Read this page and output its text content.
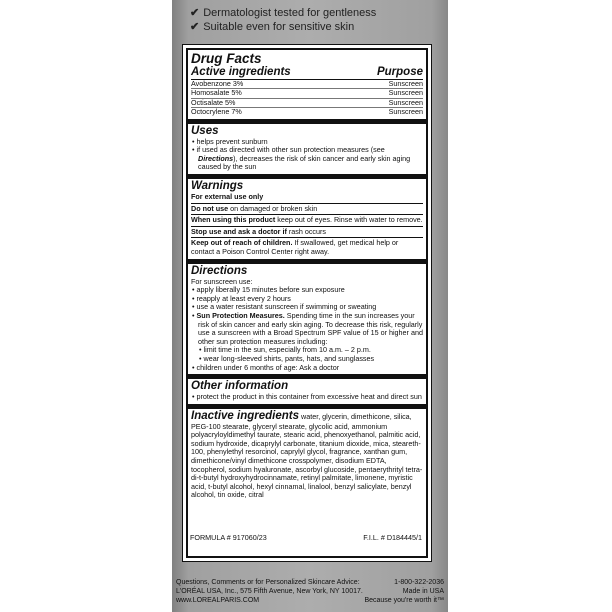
✔ Dermatologist tested for gentleness
✔ Suitable even for sensitive skin
Drug Facts
Active ingredients	Purpose
Avobenzone 3%	Sunscreen
Homosalate 5%	Sunscreen
Octisalate 5%	Sunscreen
Octocrylene 7%	Sunscreen
Uses
• helps prevent sunburn
• if used as directed with other sun protection measures (see Directions), decreases the risk of skin cancer and early skin aging caused by the sun
Warnings
For external use only
Do not use on damaged or broken skin
When using this product keep out of eyes. Rinse with water to remove.
Stop use and ask a doctor if rash occurs
Keep out of reach of children. If swallowed, get medical help or contact a Poison Control Center right away.
Directions
For sunscreen use:
• apply liberally 15 minutes before sun exposure
• reapply at least every 2 hours
• use a water resistant sunscreen if swimming or sweating
• Sun Protection Measures. Spending time in the sun increases your risk of skin cancer and early skin aging. To decrease this risk, regularly use a sunscreen with a Broad Spectrum SPF value of 15 or higher and other sun protection measures including:
• limit time in the sun, especially from 10 a.m. – 2 p.m.
• wear long-sleeved shirts, pants, hats, and sunglasses
• children under 6 months of age: Ask a doctor
Other information
• protect the product in this container from excessive heat and direct sun
Inactive ingredients water, glycerin, dimethicone, silica, PEG-100 stearate, glyceryl stearate, glycolic acid, ammonium polyacryloyldimethyl taurate, stearic acid, phenoxyethanol, palmitic acid, sodium hydroxide, dicaprylyl carbonate, titanium dioxide, mica, steareth-100, phenylethyl resorcinol, caprylyl glycol, fragrance, xanthan gum, dimethicone/vinyl dimethicone crosspolymer, disodium EDTA, tocopherol, sodium hyaluronate, ascorbyl glucoside, pentaerythrityl tetra-di-t-butyl hydroxyhydrocinnamate, retinyl palmitate, limonene, myristic acid, t-butyl alcohol, hexyl cinnamal, linalool, benzyl salicylate, benzyl alcohol, tin oxide, citral
FORMULA # 917060/23	F.I.L. # D184445/1
Questions, Comments or for Personalized Skincare Advice:	1-800-322-2036
L'ORÉAL USA, Inc., 575 Fifth Avenue, New York, NY 10017.	Made in USA
www.LOREALPARIS.COM	Because you're worth it™
